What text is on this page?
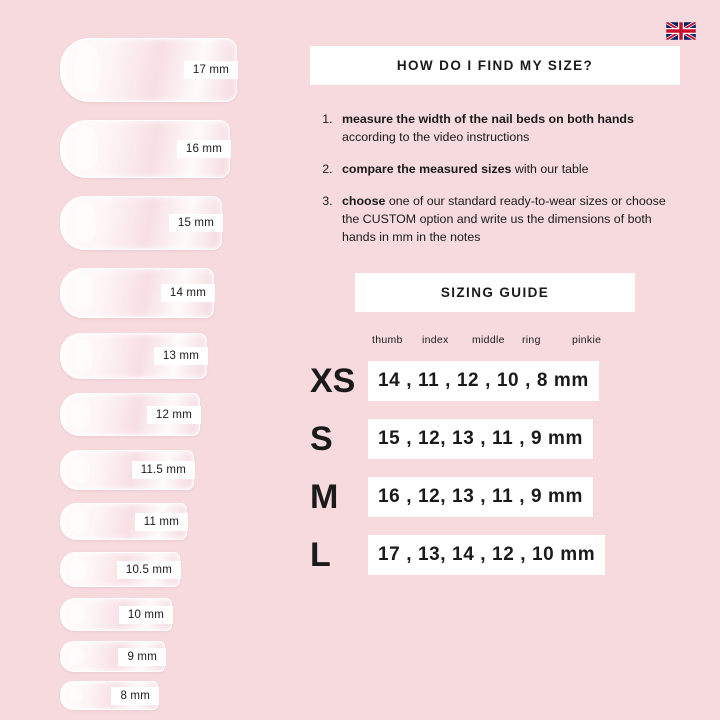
17 mm
16 mm
15 mm
14 mm
13 mm
12 mm
11.5 mm
11 mm
10.5 mm
10 mm
9 mm
8 mm
HOW DO I FIND MY SIZE?
1. measure the width of the nail beds on both hands according to the video instructions
2. compare the measured sizes with our table
3. choose one of our standard ready-to-wear sizes or choose the CUSTOM option and write us the dimensions of both hands in mm in the notes
SIZING GUIDE
thumb	index	middle	ring	pinkie
XS	14 , 11 , 12 , 10 , 8 mm
S	15 , 12, 13 , 11 , 9 mm
M	16 , 12, 13 , 11 , 9 mm
L	17 , 13, 14 , 12 , 10 mm
